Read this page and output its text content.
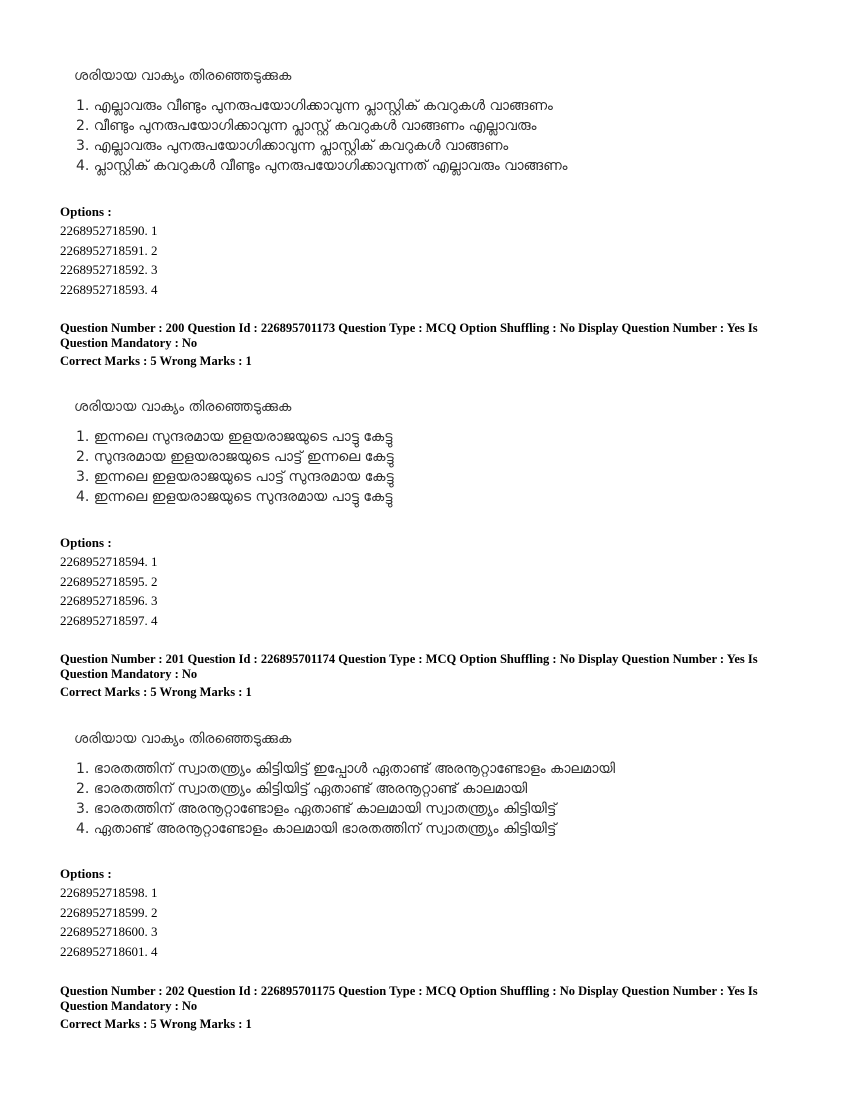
ശരിയായ വാക്യം തിരഞ്ഞെടുക്കുക
1. എല്ലാവരും വീണ്ടും പുനരുപയോഗിക്കാവുന്ന പ്ലാസ്റ്റിക് കവറുകൾ വാങ്ങണം
2. വീണ്ടും പുനരുപയോഗിക്കാവുന്ന പ്ലാസ്റ്റ് കവറുകൾ വാങ്ങണം എല്ലാവരും
3. എല്ലാവരും പുനരുപയോഗിക്കാവുന്ന പ്ലാസ്റ്റിക് കവറുകൾ വാങ്ങണം
4. പ്ലാസ്റ്റിക് കവറുകൾ വീണ്ടും പുനരുപയോഗിക്കാവുന്നത് എല്ലാവരും വാങ്ങണം
Options :
2268952718590. 1
2268952718591. 2
2268952718592. 3
2268952718593. 4
Question Number : 200 Question Id : 226895701173 Question Type : MCQ Option Shuffling : No Display Question Number : Yes Is Question Mandatory : No
Correct Marks : 5 Wrong Marks : 1
ശരിയായ വാക്യം തിരഞ്ഞെടുക്കുക
1. ഇന്നലെ സുന്ദരമായ ഇളയരാജയുടെ പാട്ടു കേട്ടു
2. സുന്ദരമായ ഇളയരാജയുടെ പാട്ട് ഇന്നലെ കേട്ടു
3. ഇന്നലെ ഇളയരാജയുടെ പാട്ട് സുന്ദരമായ കേട്ടു
4. ഇന്നലെ ഇളയരാജയുടെ സുന്ദരമായ പാട്ടു കേട്ടു
Options :
2268952718594. 1
2268952718595. 2
2268952718596. 3
2268952718597. 4
Question Number : 201 Question Id : 226895701174 Question Type : MCQ Option Shuffling : No Display Question Number : Yes Is Question Mandatory : No
Correct Marks : 5 Wrong Marks : 1
ശരിയായ വാക്യം തിരഞ്ഞെടുക്കുക
1. ഭാരതത്തിന് സ്വാതന്ത്ര്യം കിട്ടിയിട്ട് ഇപ്പോൾ ഏതാണ്ട് അരനൂറ്റാണ്ടോളം കാലമായി
2. ഭാരതത്തിന് സ്വാതന്ത്ര്യം കിട്ടിയിട്ട് ഏതാണ്ട് അരനൂറ്റാണ്ട് കാലമായി
3. ഭാരതത്തിന് അരനൂറ്റാണ്ടോളം ഏതാണ്ട് കാലമായി സ്വാതന്ത്ര്യം കിട്ടിയിട്ട്
4. ഏതാണ്ട് അരനൂറ്റാണ്ടോളം കാലമായി ഭാരതത്തിന് സ്വാതന്ത്ര്യം കിട്ടിയിട്ട്
Options :
2268952718598. 1
2268952718599. 2
2268952718600. 3
2268952718601. 4
Question Number : 202 Question Id : 226895701175 Question Type : MCQ Option Shuffling : No Display Question Number : Yes Is Question Mandatory : No
Correct Marks : 5 Wrong Marks : 1
